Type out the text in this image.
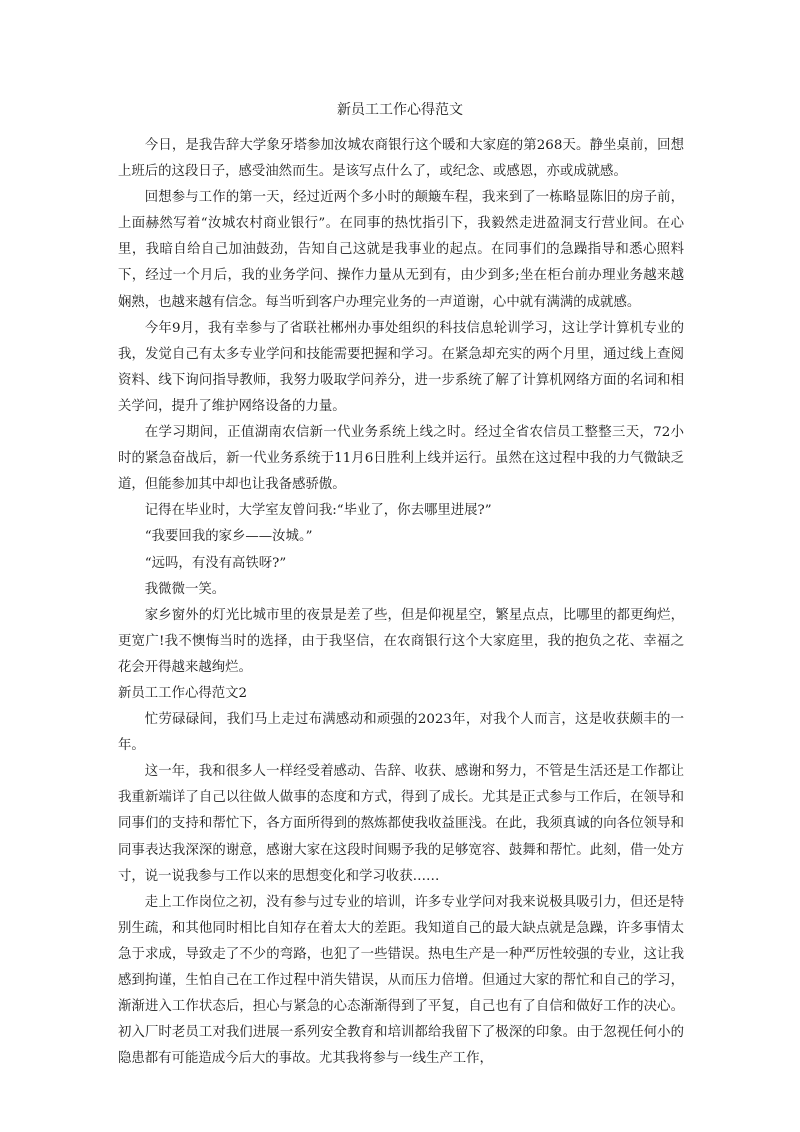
新员工工作心得范文

今日，是我告辞大学象牙塔参加汝城农商银行这个暖和大家庭的第268天。静坐桌前，回想上班后的这段日子，感受油然而生。是该写点什么了，或纪念、或感恩，亦或成就感。

回想参与工作的第一天，经过近两个多小时的颠簸车程，我来到了一栋略显陈旧的房子前，上面赫然写着“汝城农村商业银行”。在同事的热忱指引下，我毅然走进盈洞支行营业间。在心里，我暗自给自己加油鼓劲，告知自己这就是我事业的起点。在同事们的急躁指导和悉心照料下，经过一个月后，我的业务学问、操作力量从无到有，由少到多;坐在柜台前办理业务越来越娴熟，也越来越有信念。每当听到客户办理完业务的一声道谢，心中就有满满的成就感。

今年9月，我有幸参与了省联社郴州办事处组织的科技信息轮训学习，这让学计算机专业的我，发觉自己有太多专业学问和技能需要把握和学习。在紧急却充实的两个月里，通过线上查阅资料、线下询问指导教师，我努力吸取学问养分，进一步系统了解了计算机网络方面的名词和相关学问，提升了维护网络设备的力量。

在学习期间，正值湖南农信新一代业务系统上线之时。经过全省农信员工整整三天，72小时的紧急奋战后，新一代业务系统于11月6日胜利上线并运行。虽然在这过程中我的力气微缺乏道，但能参加其中却也让我备感骄傲。

记得在毕业时，大学室友曾问我:“毕业了，你去哪里进展?”

“我要回我的家乡——汝城。”

“远吗，有没有高铁呀?”

我微微一笑。

家乡窗外的灯光比城市里的夜景是差了些，但是仰视星空，繁星点点，比哪里的都更绚烂，更宽广!我不懊悔当时的选择，由于我坚信，在农商银行这个大家庭里，我的抱负之花、幸福之花会开得越来越绚烂。

新员工工作心得范文2

忙劳碌碌间，我们马上走过布满感动和顽强的2023年，对我个人而言，这是收获颇丰的一年。

这一年，我和很多人一样经受着感动、告辞、收获、感谢和努力，不管是生活还是工作都让我重新端详了自己以往做人做事的态度和方式，得到了成长。尤其是正式参与工作后，在领导和同事们的支持和帮忙下，各方面所得到的熬炼都使我收益匪浅。在此，我须真诚的向各位领导和同事表达我深深的谢意，感谢大家在这段时间赐予我的足够宽容、鼓舞和帮忙。此刻，借一处方寸，说一说我参与工作以来的思想变化和学习收获……

走上工作岗位之初，没有参与过专业的培训，许多专业学问对我来说极具吸引力，但还是特别生疏，和其他同时相比自知存在着太大的差距。我知道自己的最大缺点就是急躁，许多事情太急于求成，导致走了不少的弯路，也犯了一些错误。热电生产是一种严厉性较强的专业，这让我感到拘谨，生怕自己在工作过程中消失错误，从而压力倍增。但通过大家的帮忙和自己的学习，渐渐进入工作状态后，担心与紧急的心态渐渐得到了平复，自己也有了自信和做好工作的决心。初入厂时老员工对我们进展一系列安全教育和培训都给我留下了极深的印象。由于忽视任何小的隐患都有可能造成今后大的事故。尤其我将参与一线生产工作，
